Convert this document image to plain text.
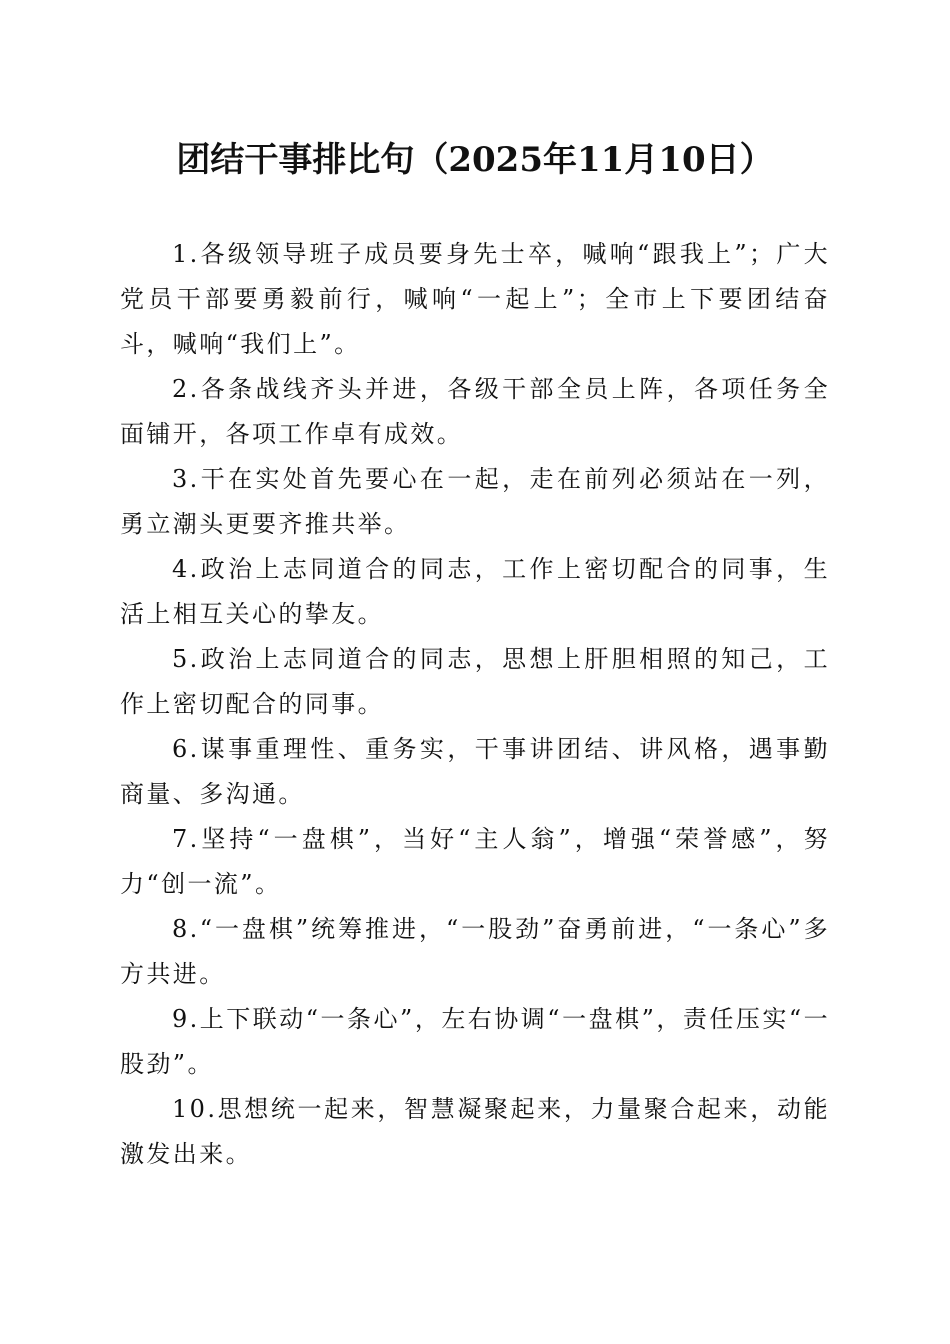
团结干事排比句（2025年11月10日）

1.各级领导班子成员要身先士卒，喊响“跟我上”；广大党员干部要勇毅前行，喊响“一起上”；全市上下要团结奋斗，喊响“我们上”。

2.各条战线齐头并进，各级干部全员上阵，各项任务全面铺开，各项工作卓有成效。

3.干在实处首先要心在一起，走在前列必须站在一列，勇立潮头更要齐推共举。

4.政治上志同道合的同志，工作上密切配合的同事，生活上相互关心的挚友。

5.政治上志同道合的同志，思想上肝胆相照的知己，工作上密切配合的同事。

6.谋事重理性、重务实，干事讲团结、讲风格，遇事勤商量、多沟通。

7.坚持“一盘棋”，当好“主人翁”，增强“荣誉感”，努力“创一流”。

8.“一盘棋”统筹推进，“一股劲”奋勇前进，“一条心”多方共进。

9.上下联动“一条心”，左右协调“一盘棋”，责任压实“一股劲”。

10.思想统一起来，智慧凝聚起来，力量聚合起来，动能激发出来。
